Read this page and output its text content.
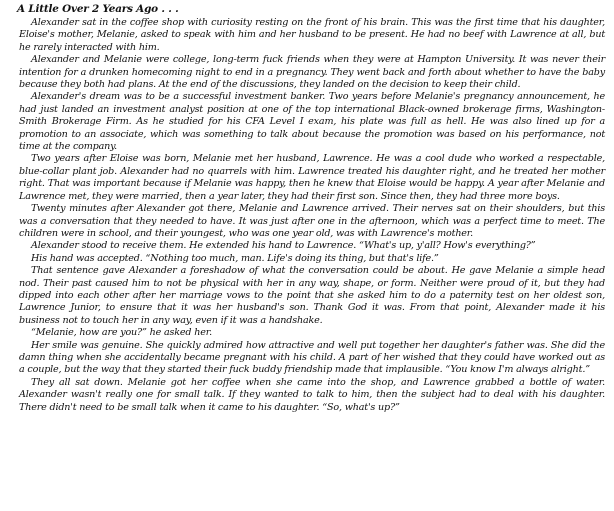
A Little Over 2 Years Ago . . .

Alexander sat in the coffee shop with curiosity resting on the front of his brain. This was the first time that his daughter, Eloise's mother, Melanie, asked to speak with him and her husband to be present. He had no beef with Lawrence at all, but he rarely interacted with him.

Alexander and Melanie were college, long-term fuck friends when they were at Hampton University. It was never their intention for a drunken homecoming night to end in a pregnancy. They went back and forth about whether to have the baby because they both had plans. At the end of the discussions, they landed on the decision to keep their child.

Alexander's dream was to be a successful investment banker. Two years before Melanie's pregnancy announcement, he had just landed an investment analyst position at one of the top international Black-owned brokerage firms, Washington-Smith Brokerage Firm. As he studied for his CFA Level I exam, his plate was full as hell. He was also lined up for a promotion to an associate, which was something to talk about because the promotion was based on his performance, not time at the company.

Two years after Eloise was born, Melanie met her husband, Lawrence. He was a cool dude who worked a respectable, blue-collar plant job. Alexander had no quarrels with him. Lawrence treated his daughter right, and he treated her mother right. That was important because if Melanie was happy, then he knew that Eloise would be happy. A year after Melanie and Lawrence met, they were married, then a year later, they had their first son. Since then, they had three more boys.

Twenty minutes after Alexander got there, Melanie and Lawrence arrived. Their nerves sat on their shoulders, but this was a conversation that they needed to have. It was just after one in the afternoon, which was a perfect time to meet. The children were in school, and their youngest, who was one year old, was with Lawrence's mother.

Alexander stood to receive them. He extended his hand to Lawrence. “What's up, y'all? How's everything?”

His hand was accepted. “Nothing too much, man. Life's doing its thing, but that's life.”

That sentence gave Alexander a foreshadow of what the conversation could be about. He gave Melanie a simple head nod. Their past caused him to not be physical with her in any way, shape, or form. Neither were proud of it, but they had dipped into each other after her marriage vows to the point that she asked him to do a paternity test on her oldest son, Lawrence Junior, to ensure that it was her husband's son. Thank God it was. From that point, Alexander made it his business not to touch her in any way, even if it was a handshake.

“Melanie, how are you?” he asked her.

Her smile was genuine. She quickly admired how attractive and well put together her daughter's father was. She did the damn thing when she accidentally became pregnant with his child. A part of her wished that they could have worked out as a couple, but the way that they started their fuck buddy friendship made that implausible. “You know I'm always alright.”

They all sat down. Melanie got her coffee when she came into the shop, and Lawrence grabbed a bottle of water. Alexander wasn't really one for small talk. If they wanted to talk to him, then the subject had to deal with his daughter. There didn't need to be small talk when it came to his daughter. “So, what's up?”
